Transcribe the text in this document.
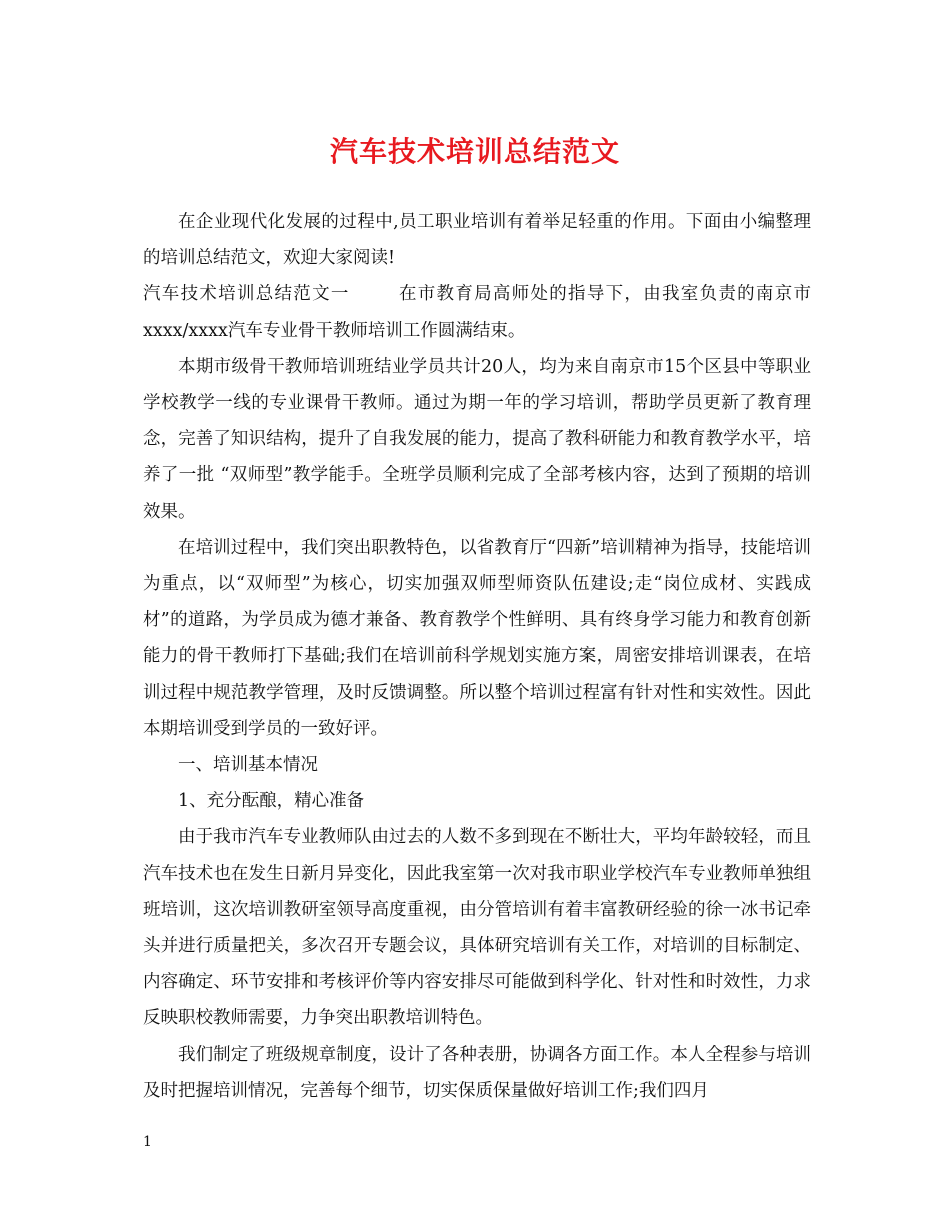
汽车技术培训总结范文

在企业现代化发展的过程中,员工职业培训有着举足轻重的作用。下面由小编整理的培训总结范文，欢迎大家阅读!

汽车技术培训总结范文一	在市教育局高师处的指导下，由我室负责的南京市xxxx/xxxx汽车专业骨干教师培训工作圆满结束。

本期市级骨干教师培训班结业学员共计20人，均为来自南京市15个区县中等职业学校教学一线的专业课骨干教师。通过为期一年的学习培训，帮助学员更新了教育理念，完善了知识结构，提升了自我发展的能力，提高了教科研能力和教育教学水平，培养了一批 “双师型”教学能手。全班学员顺利完成了全部考核内容，达到了预期的培训效果。

在培训过程中，我们突出职教特色，以省教育厅“四新”培训精神为指导，技能培训为重点，以“双师型”为核心，切实加强双师型师资队伍建设;走“岗位成材、实践成材”的道路，为学员成为德才兼备、教育教学个性鲜明、具有终身学习能力和教育创新能力的骨干教师打下基础;我们在培训前科学规划实施方案，周密安排培训课表，在培训过程中规范教学管理，及时反馈调整。所以整个培训过程富有针对性和实效性。因此本期培训受到学员的一致好评。

一、培训基本情况

1、充分酝酿，精心准备

由于我市汽车专业教师队由过去的人数不多到现在不断壮大，平均年龄较轻，而且汽车技术也在发生日新月异变化，因此我室第一次对我市职业学校汽车专业教师单独组班培训，这次培训教研室领导高度重视，由分管培训有着丰富教研经验的徐一冰书记牵头并进行质量把关，多次召开专题会议，具体研究培训有关工作，对培训的目标制定、内容确定、环节安排和考核评价等内容安排尽可能做到科学化、针对性和时效性，力求反映职校教师需要，力争突出职教培训特色。

我们制定了班级规章制度，设计了各种表册，协调各方面工作。本人全程参与培训及时把握培训情况，完善每个细节，切实保质保量做好培训工作;我们四月

1
